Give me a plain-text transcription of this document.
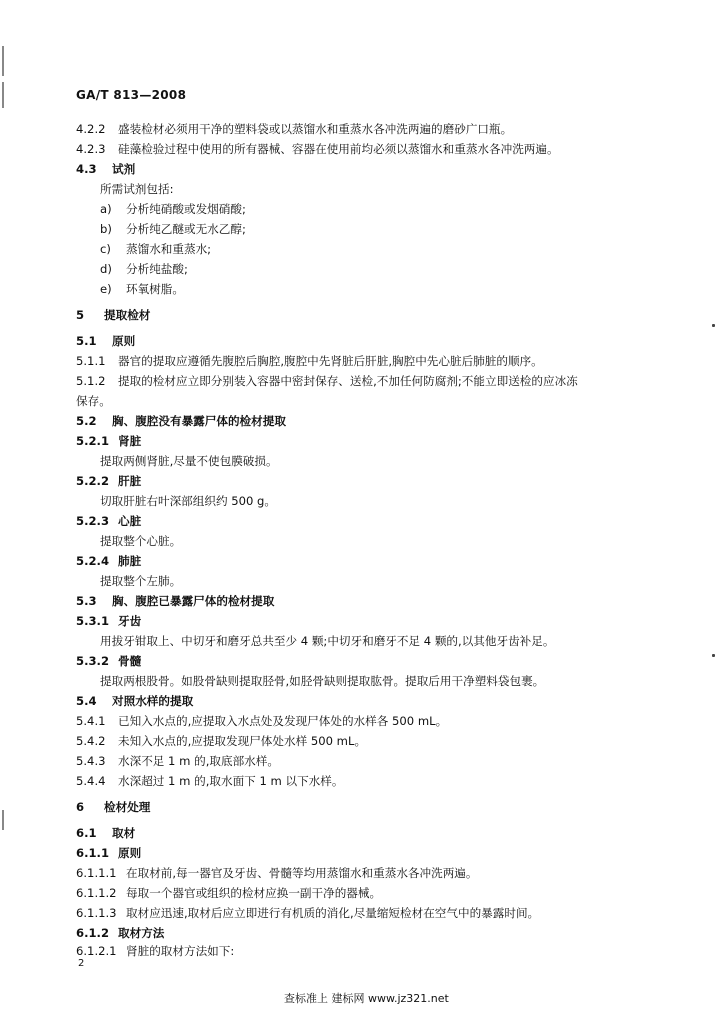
GA/T 813—2008
4.2.2 盛装检材必须用干净的塑料袋或以蒸馏水和重蒸水各冲洗两遍的磨砂广口瓶。
4.2.3 硅藻检验过程中使用的所有器械、容器在使用前均必须以蒸馏水和重蒸水各冲洗两遍。
4.3 试剂
所需试剂包括:
a) 分析纯硝酸或发烟硝酸;
b) 分析纯乙醚或无水乙醇;
c) 蒸馏水和重蒸水;
d) 分析纯盐酸;
e) 环氧树脂。
5 提取检材
5.1 原则
5.1.1 器官的提取应遵循先腹腔后胸腔,腹腔中先肾脏后肝脏,胸腔中先心脏后肺脏的顺序。
5.1.2 提取的检材应立即分别装入容器中密封保存、送检,不加任何防腐剂;不能立即送检的应冰冻
保存。
5.2 胸、腹腔没有暴露尸体的检材提取
5.2.1 肾脏
提取两侧肾脏,尽量不使包膜破损。
5.2.2 肝脏
切取肝脏右叶深部组织约 500 g。
5.2.3 心脏
提取整个心脏。
5.2.4 肺脏
提取整个左肺。
5.3 胸、腹腔已暴露尸体的检材提取
5.3.1 牙齿
用拔牙钳取上、中切牙和磨牙总共至少 4 颗;中切牙和磨牙不足 4 颗的,以其他牙齿补足。
5.3.2 骨髓
提取两根股骨。如股骨缺则提取胫骨,如胫骨缺则提取肱骨。提取后用干净塑料袋包裹。
5.4 对照水样的提取
5.4.1 已知入水点的,应提取入水点处及发现尸体处的水样各 500 mL。
5.4.2 未知入水点的,应提取发现尸体处水样 500 mL。
5.4.3 水深不足 1 m 的,取底部水样。
5.4.4 水深超过 1 m 的,取水面下 1 m 以下水样。
6 检材处理
6.1 取材
6.1.1 原则
6.1.1.1 在取材前,每一器官及牙齿、骨髓等均用蒸馏水和重蒸水各冲洗两遍。
6.1.1.2 每取一个器官或组织的检材应换一副干净的器械。
6.1.1.3 取材应迅速,取材后应立即进行有机质的消化,尽量缩短检材在空气中的暴露时间。
6.1.2 取材方法
6.1.2.1 肾脏的取材方法如下:
2
查标准上 建标网 www.jz321.net
